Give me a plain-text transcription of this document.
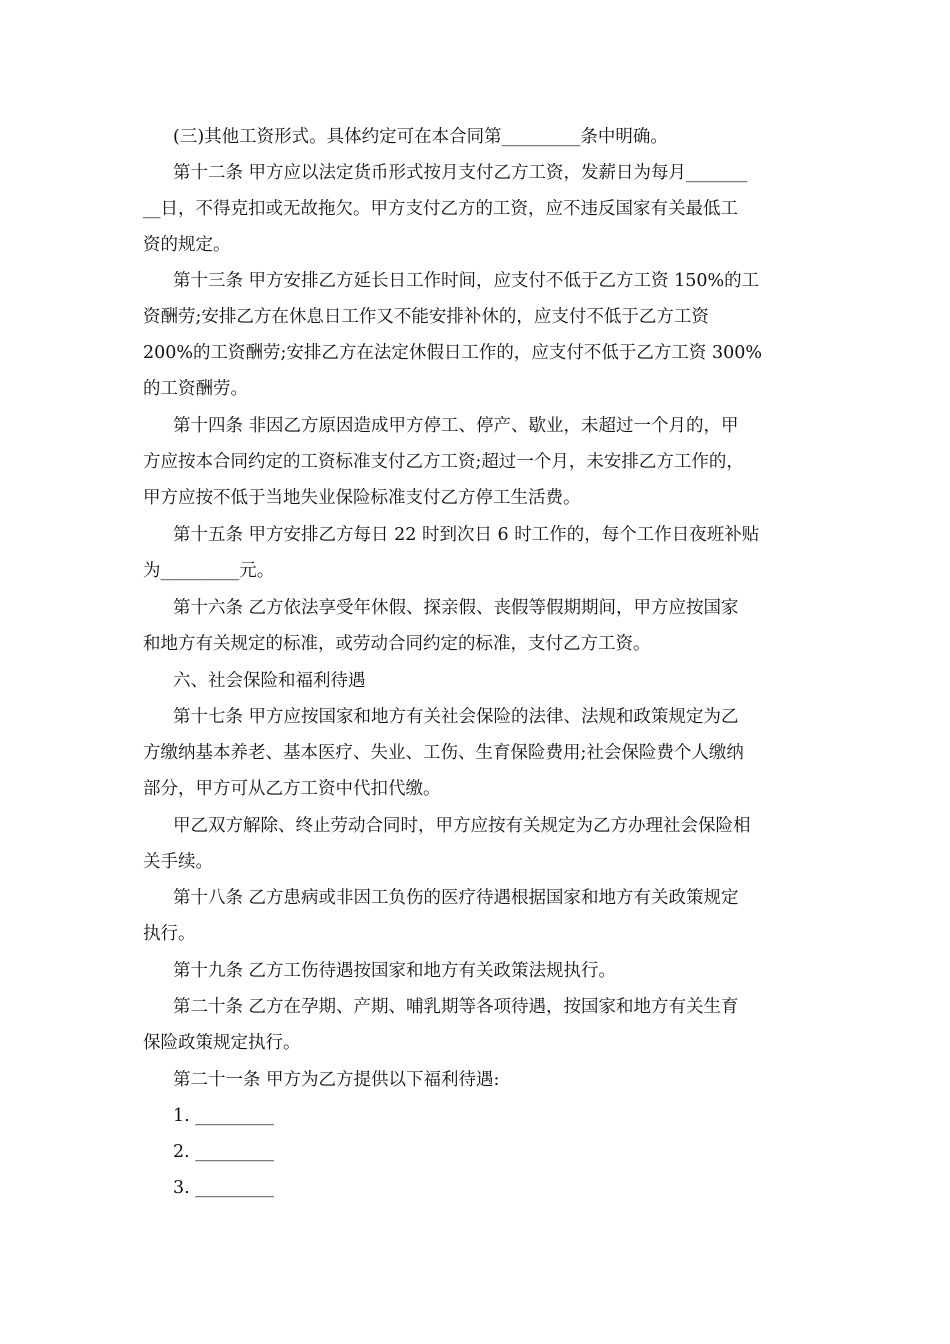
(三)其他工资形式。具体约定可在本合同第_________条中明确。
第十二条 甲方应以法定货币形式按月支付乙方工资，发薪日为每月_______
__日，不得克扣或无故拖欠。甲方支付乙方的工资，应不违反国家有关最低工
资的规定。
第十三条 甲方安排乙方延长日工作时间，应支付不低于乙方工资 150%的工
资酬劳;安排乙方在休息日工作又不能安排补休的，应支付不低于乙方工资
200%的工资酬劳;安排乙方在法定休假日工作的，应支付不低于乙方工资 300%
的工资酬劳。
第十四条 非因乙方原因造成甲方停工、停产、歇业，未超过一个月的，甲
方应按本合同约定的工资标准支付乙方工资;超过一个月，未安排乙方工作的，
甲方应按不低于当地失业保险标准支付乙方停工生活费。
第十五条 甲方安排乙方每日 22 时到次日 6 时工作的，每个工作日夜班补贴
为_________元。
第十六条 乙方依法享受年休假、探亲假、丧假等假期期间，甲方应按国家
和地方有关规定的标准，或劳动合同约定的标准，支付乙方工资。
六、社会保险和福利待遇
第十七条 甲方应按国家和地方有关社会保险的法律、法规和政策规定为乙
方缴纳基本养老、基本医疗、失业、工伤、生育保险费用;社会保险费个人缴纳
部分，甲方可从乙方工资中代扣代缴。
甲乙双方解除、终止劳动合同时，甲方应按有关规定为乙方办理社会保险相
关手续。
第十八条 乙方患病或非因工负伤的医疗待遇根据国家和地方有关政策规定
执行。
第十九条 乙方工伤待遇按国家和地方有关政策法规执行。
第二十条 乙方在孕期、产期、哺乳期等各项待遇，按国家和地方有关生育
保险政策规定执行。
第二十一条 甲方为乙方提供以下福利待遇:
1. _________
2. _________
3. _________
